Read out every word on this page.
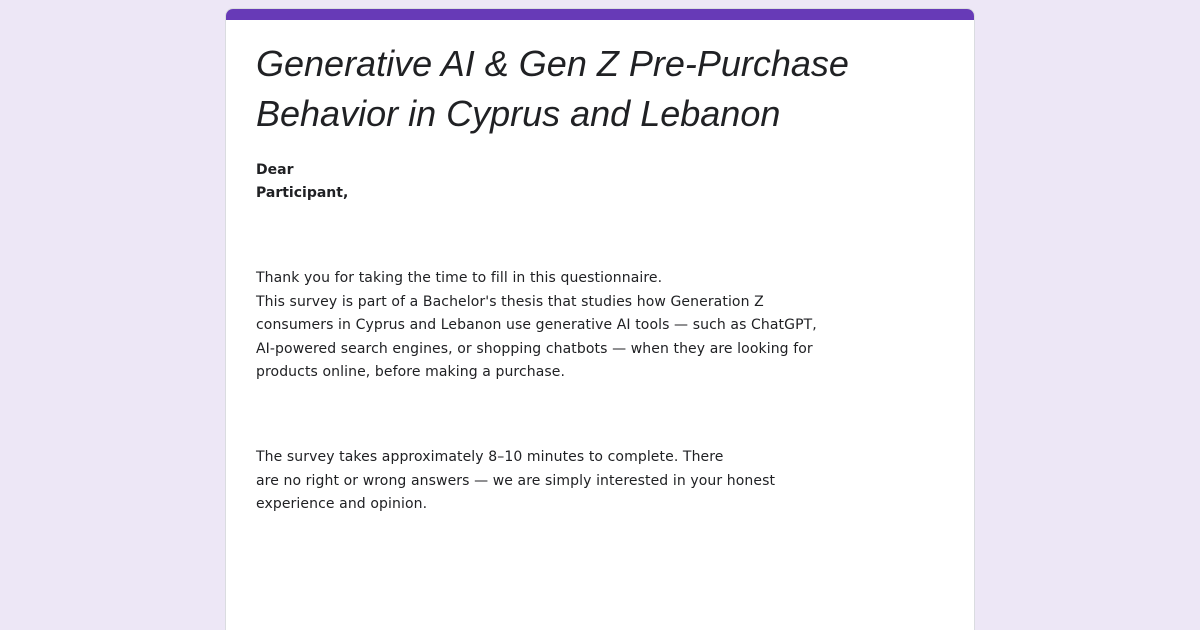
Generative AI & Gen Z Pre-Purchase
Behavior in Cyprus and Lebanon
Dear
Participant,
Thank you for taking the time to fill in this questionnaire.
This survey is part of a Bachelor's thesis that studies how Generation Z
consumers in Cyprus and Lebanon use generative AI tools — such as ChatGPT,
AI-powered search engines, or shopping chatbots — when they are looking for
products online, before making a purchase.
The survey takes approximately 8–10 minutes to complete. There
are no right or wrong answers — we are simply interested in your honest
experience and opinion.
